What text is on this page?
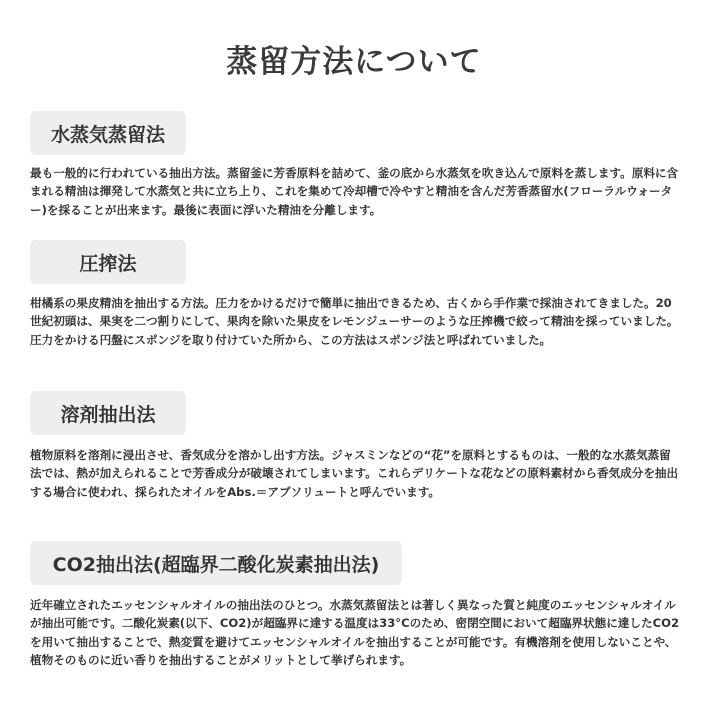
蒸留方法について
水蒸気蒸留法
最も一般的に行われている抽出方法。蒸留釜に芳香原料を詰めて、釜の底から水蒸気を吹き込んで原料を蒸します。原料に含まれる精油は揮発して水蒸気と共に立ち上り、これを集めて冷却槽で冷やすと精油を含んだ芳香蒸留水(フローラルウォーター)を採ることが出来ます。最後に表面に浮いた精油を分離します。
圧搾法
柑橘系の果皮精油を抽出する方法。圧力をかけるだけで簡単に抽出できるため、古くから手作業で採油されてきました。20世紀初頭は、果実を二つ割りにして、果肉を除いた果皮をレモンジューサーのような圧搾機で絞って精油を採っていました。圧力をかける円盤にスポンジを取り付けていた所から、この方法はスポンジ法と呼ばれていました。
溶剤抽出法
植物原料を溶剤に浸出させ、香気成分を溶かし出す方法。ジャスミンなどの“花”を原料とするものは、一般的な水蒸気蒸留法では、熱が加えられることで芳香成分が破壊されてしまいます。これらデリケートな花などの原料素材から香気成分を抽出する場合に使われ、採られたオイルをAbs.＝アブソリュートと呼んでいます。
CO2抽出法(超臨界二酸化炭素抽出法)
近年確立されたエッセンシャルオイルの抽出法のひとつ。水蒸気蒸留法とは著しく異なった質と純度のエッセンシャルオイルが抽出可能です。二酸化炭素(以下、CO2)が超臨界に達する温度は33°Cのため、密閉空間において超臨界状態に達したCO2を用いて抽出することで、熱変質を避けてエッセンシャルオイルを抽出することが可能です。有機溶剤を使用しないことや、植物そのものに近い香りを抽出することがメリットとして挙げられます。
